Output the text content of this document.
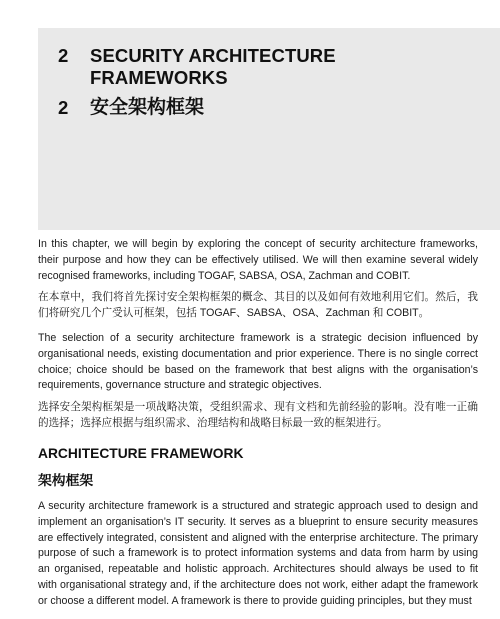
2	SECURITY ARCHITECTURE FRAMEWORKS
2	安全架构框架

In this chapter, we will begin by exploring the concept of security architecture frameworks, their purpose and how they can be effectively utilised. We will then examine several widely recognised frameworks, including TOGAF, SABSA, OSA, Zachman and COBIT.

在本章中，我们将首先探讨安全架构框架的概念、其目的以及如何有效地利用它们。然后，我们将研究几个广受认可框架，包括 TOGAF、SABSA、OSA、Zachman 和 COBIT。

The selection of a security architecture framework is a strategic decision influenced by organisational needs, existing documentation and prior experience. There is no single correct choice; choice should be based on the framework that best aligns with the organisation’s requirements, governance structure and strategic objectives.

选择安全架构框架是一项战略决策，受组织需求、现有文档和先前经验的影响。没有唯一正确的选择；选择应根据与组织需求、治理结构和战略目标最一致的框架进行。

ARCHITECTURE FRAMEWORK
架构框架

A security architecture framework is a structured and strategic approach used to design and implement an organisation’s IT security. It serves as a blueprint to ensure security measures are effectively integrated, consistent and aligned with the enterprise architecture. The primary purpose of such a framework is to protect information systems and data from harm by using an organised, repeatable and holistic approach. Architectures should always be used to fit with organisational strategy and, if the architecture does not work, either adapt the framework or choose a different model. A framework is there to provide guiding principles, but they must
